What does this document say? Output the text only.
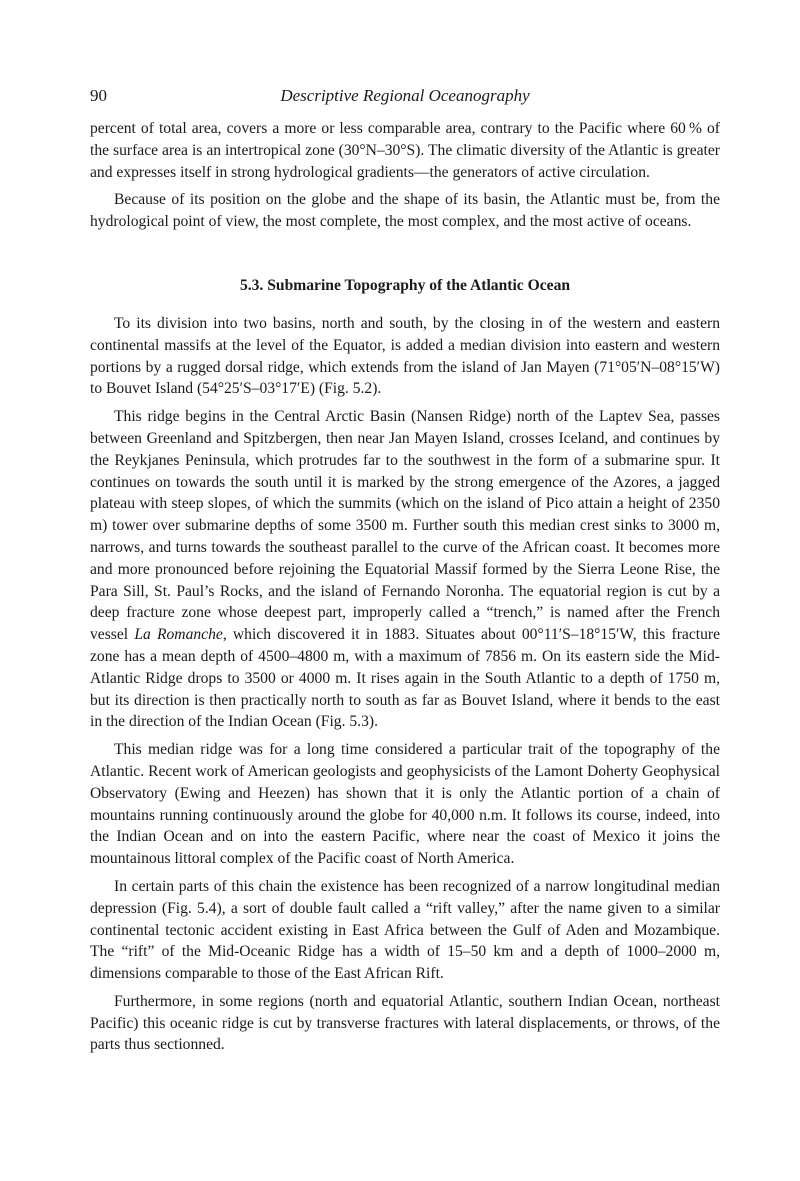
90	Descriptive Regional Oceanography

percent of total area, covers a more or less comparable area, contrary to the Pacific where 60 % of the surface area is an intertropical zone (30°N–30°S). The climatic diversity of the Atlantic is greater and expresses itself in strong hydrological gradients—the generators of active circulation.

Because of its position on the globe and the shape of its basin, the Atlantic must be, from the hydrological point of view, the most complete, the most complex, and the most active of oceans.

5.3. Submarine Topography of the Atlantic Ocean

To its division into two basins, north and south, by the closing in of the western and eastern continental massifs at the level of the Equator, is added a median division into eastern and western portions by a rugged dorsal ridge, which extends from the island of Jan Mayen (71°05′N–08°15′W) to Bouvet Island (54°25′S–03°17′E) (Fig. 5.2).

This ridge begins in the Central Arctic Basin (Nansen Ridge) north of the Laptev Sea, passes between Greenland and Spitzbergen, then near Jan Mayen Island, crosses Iceland, and continues by the Reykjanes Peninsula, which protrudes far to the southwest in the form of a submarine spur. It continues on towards the south until it is marked by the strong emergence of the Azores, a jagged plateau with steep slopes, of which the summits (which on the island of Pico attain a height of 2350 m) tower over submarine depths of some 3500 m. Further south this median crest sinks to 3000 m, narrows, and turns towards the southeast parallel to the curve of the African coast. It becomes more and more pronounced before rejoining the Equatorial Massif formed by the Sierra Leone Rise, the Para Sill, St. Paul’s Rocks, and the island of Fernando Noronha. The equatorial region is cut by a deep fracture zone whose deepest part, improperly called a “trench,” is named after the French vessel La Romanche, which discovered it in 1883. Situates about 00°11′S–18°15′W, this fracture zone has a mean depth of 4500–4800 m, with a maximum of 7856 m. On its eastern side the Mid-Atlantic Ridge drops to 3500 or 4000 m. It rises again in the South Atlantic to a depth of 1750 m, but its direction is then practically north to south as far as Bouvet Island, where it bends to the east in the direction of the Indian Ocean (Fig. 5.3).

This median ridge was for a long time considered a particular trait of the topography of the Atlantic. Recent work of American geologists and geophysicists of the Lamont Doherty Geophysical Observatory (Ewing and Heezen) has shown that it is only the Atlantic portion of a chain of mountains running continuously around the globe for 40,000 n.m. It follows its course, indeed, into the Indian Ocean and on into the eastern Pacific, where near the coast of Mexico it joins the mountainous littoral complex of the Pacific coast of North America.

In certain parts of this chain the existence has been recognized of a narrow longitudinal median depression (Fig. 5.4), a sort of double fault called a “rift valley,” after the name given to a similar continental tectonic accident existing in East Africa between the Gulf of Aden and Mozambique. The “rift” of the Mid-Oceanic Ridge has a width of 15–50 km and a depth of 1000–2000 m, dimensions comparable to those of the East African Rift.

Furthermore, in some regions (north and equatorial Atlantic, southern Indian Ocean, northeast Pacific) this oceanic ridge is cut by transverse fractures with lateral displacements, or throws, of the parts thus sectionned.
